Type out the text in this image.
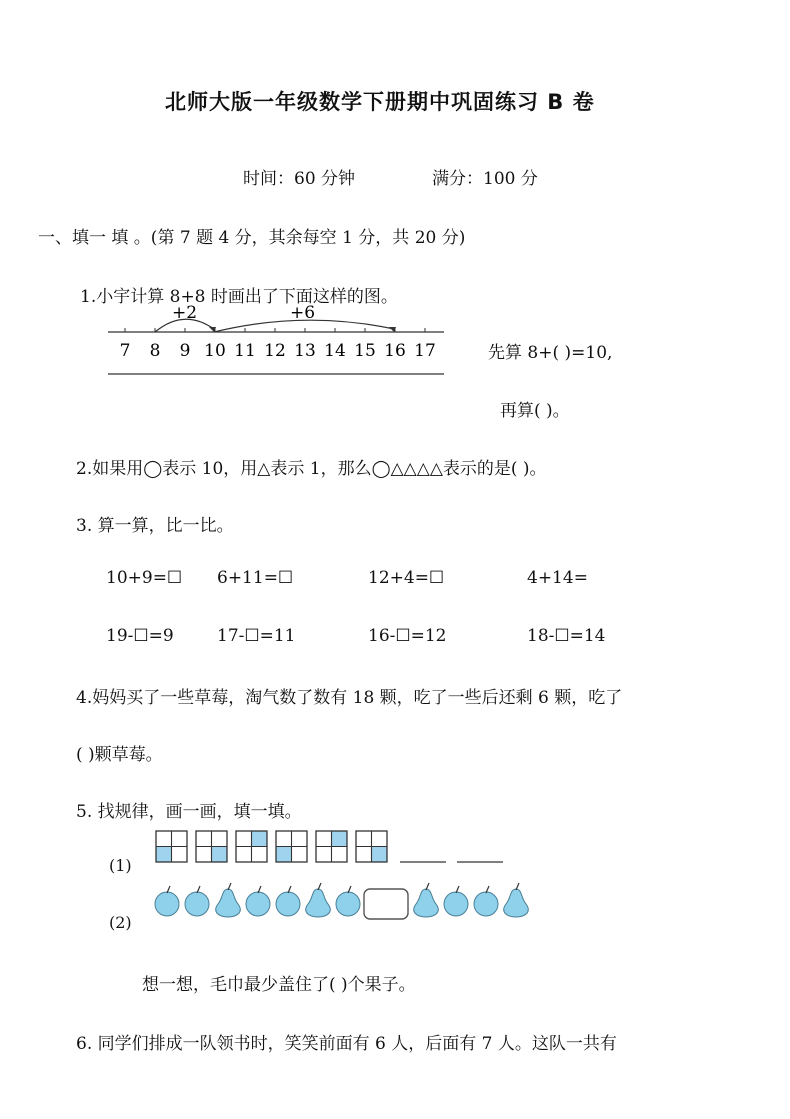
北师大版一年级数学下册期中巩固练习 B 卷
时间：60 分钟	满分：100 分
一、填一 填 。(第 7 题 4 分，其余每空 1 分，共 20 分)
1.小宇计算 8+8 时画出了下面这样的图。
7 8 9 10 11 12 13 14 15 16 17
+2	+6
先算 8+( )=10,
再算( )。
2.如果用◯表示 10，用△表示 1，那么◯△△△△表示的是( )。
3. 算一算，比一比。
10+9=☐ 6+11=☐	12+4=☐	4+14=
19-☐=9	17-☐=11	16-☐=12	18-☐=14
4.妈妈买了一些草莓，淘气数了数有 18 颗，吃了一些后还剩 6 颗，吃了
( )颗草莓。
5. 找规律，画一画，填一填。
(1)
(2)
想一想，毛巾最少盖住了( )个果子。
6. 同学们排成一队领书时，笑笑前面有 6 人，后面有 7 人。这队一共有
